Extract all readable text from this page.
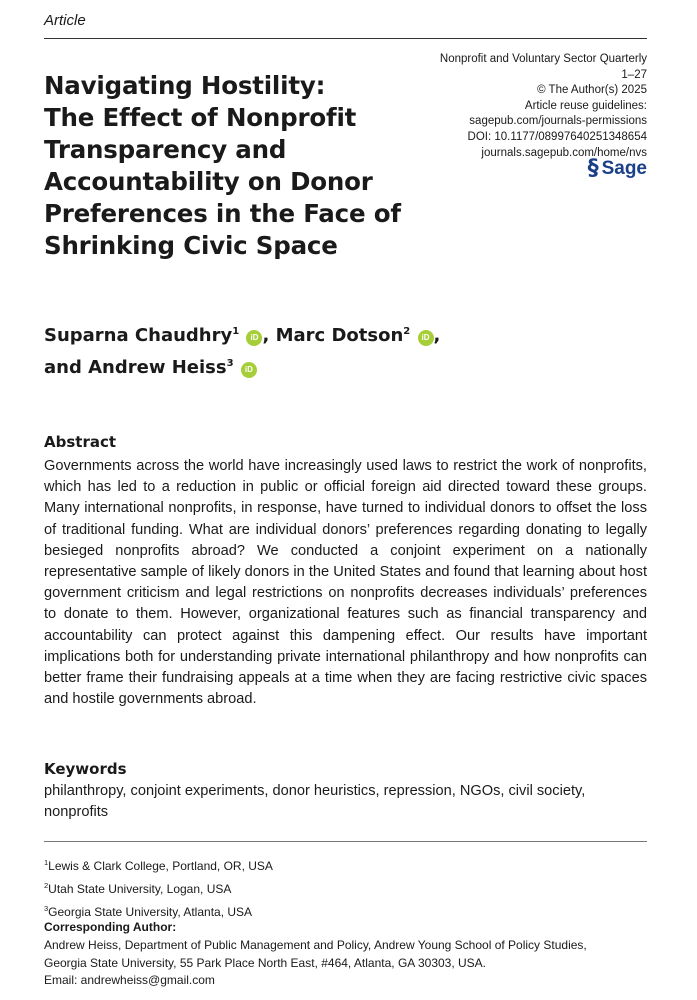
Article
Nonprofit and Voluntary Sector Quarterly
1–27
© The Author(s) 2025
Article reuse guidelines:
sagepub.com/journals-permissions
DOI: 10.1177/08997640251348654
journals.sagepub.com/home/nvs
§ Sage
Navigating Hostility:
The Effect of Nonprofit
Transparency and
Accountability on Donor
Preferences in the Face of
Shrinking Civic Space
Suparna Chaudhry$^1$ iD , Marc Dotson$^2$ iD ,
and Andrew Heiss$^3$ iD
Abstract

Governments across the world have increasingly used laws to restrict the work of nonprofits, which has led to a reduction in public or official foreign aid directed toward these groups. Many international nonprofits, in response, have turned to individual donors to offset the loss of traditional funding. What are individual donors’ preferences regarding donating to legally besieged nonprofits abroad? We conducted a conjoint experiment on a nationally representative sample of likely donors in the United States and found that learning about host government criticism and legal restrictions on nonprofits decreases individuals’ preferences to donate to them. However, organizational features such as financial transparency and accountability can protect against this dampening effect. Our results have important implications both for understanding private international philanthropy and how nonprofits can better frame their fundraising appeals at a time when they are facing restrictive civic spaces and hostile governments abroad.

Keywords

philanthropy, conjoint experiments, donor heuristics, repression, NGOs, civil society, nonprofits

$^1$Lewis & Clark College, Portland, OR, USA
$^2$Utah State University, Logan, USA
$^3$Georgia State University, Atlanta, USA
Corresponding Author:
Andrew Heiss, Department of Public Management and Policy, Andrew Young School of Policy Studies,
Georgia State University, 55 Park Place North East, #464, Atlanta, GA 30303, USA.
Email: andrewheiss@gmail.com
